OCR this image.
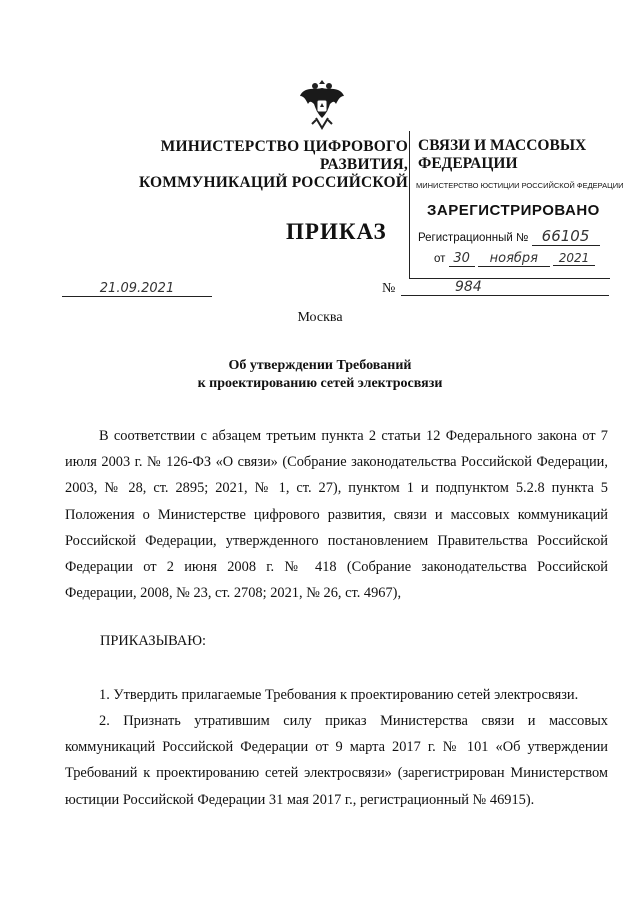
МИНИСТЕРСТВО ЦИФРОВОГО РАЗВИТИЯ,
КОММУНИКАЦИЙ РОССИЙСКОЙ
СВЯЗИ И МАССОВЫХ
ФЕДЕРАЦИИ
МИНИСТЕРСТВО ЮСТИЦИИ РОССИЙСКОЙ ФЕДЕРАЦИИ
ЗАРЕГИСТРИРОВАНО
Регистрационный № 66105
от 30 ноября 2021
ПРИКАЗ
21.09.2021	№	984
Москва
Об утверждении Требований
к проектированию сетей электросвязи
В соответствии с абзацем третьим пункта 2 статьи 12 Федерального закона от 7 июля 2003 г. № 126-ФЗ «О связи» (Собрание законодательства Российской Федерации, 2003, № 28, ст. 2895; 2021, № 1, ст. 27), пунктом 1 и подпунктом 5.2.8 пункта 5 Положения о Министерстве цифрового развития, связи и массовых коммуникаций Российской Федерации, утвержденного постановлением Правительства Российской Федерации от 2 июня 2008 г. № 418 (Собрание законодательства Российской Федерации, 2008, № 23, ст. 2708; 2021, № 26, ст. 4967),
ПРИКАЗЫВАЮ:
1. Утвердить прилагаемые Требования к проектированию сетей электросвязи.
2. Признать утратившим силу приказ Министерства связи и массовых коммуникаций Российской Федерации от 9 марта 2017 г. № 101 «Об утверждении Требований к проектированию сетей электросвязи» (зарегистрирован Министерством юстиции Российской Федерации 31 мая 2017 г., регистрационный № 46915).
